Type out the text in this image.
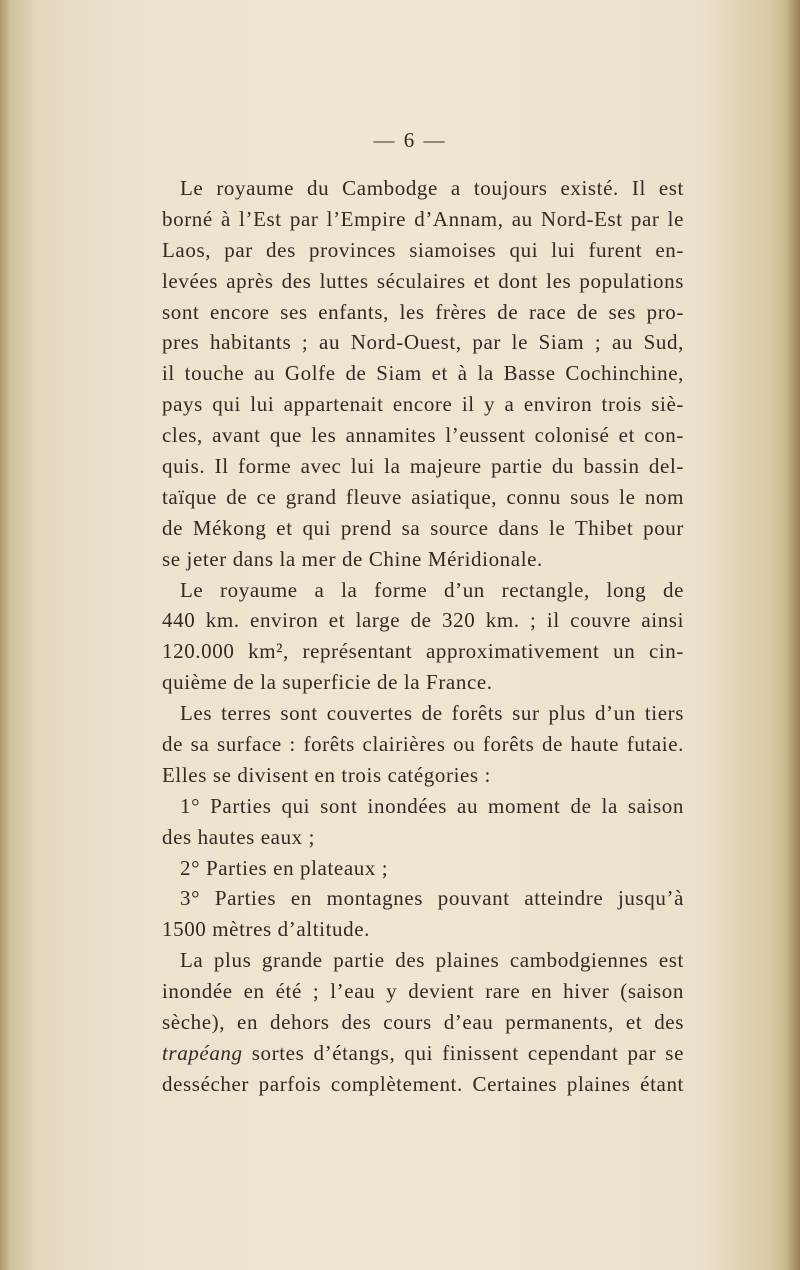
— 6 —
Le royaume du Cambodge a toujours existé. Il est
borné à l’Est par l’Empire d’Annam, au Nord-Est par le
Laos, par des provinces siamoises qui lui furent en-
levées après des luttes séculaires et dont les populations
sont encore ses enfants, les frères de race de ses pro-
pres habitants ; au Nord-Ouest, par le Siam ; au Sud,
il touche au Golfe de Siam et à la Basse Cochinchine,
pays qui lui appartenait encore il y a environ trois siè-
cles, avant que les annamites l’eussent colonisé et con-
quis. Il forme avec lui la majeure partie du bassin del-
taïque de ce grand fleuve asiatique, connu sous le nom
de Mékong et qui prend sa source dans le Thibet pour
se jeter dans la mer de Chine Méridionale.
Le royaume a la forme d’un rectangle, long de
440 km. environ et large de 320 km. ; il couvre ainsi
120.000 km², représentant approximativement un cin-
quième de la superficie de la France.
Les terres sont couvertes de forêts sur plus d’un tiers
de sa surface : forêts clairières ou forêts de haute futaie.
Elles se divisent en trois catégories :
1° Parties qui sont inondées au moment de la saison
des hautes eaux ;
2° Parties en plateaux ;
3° Parties en montagnes pouvant atteindre jusqu’à
1500 mètres d’altitude.
La plus grande partie des plaines cambodgiennes est
inondée en été ; l’eau y devient rare en hiver (saison
sèche), en dehors des cours d’eau permanents, et des
trapéang sortes d’étangs, qui finissent cependant par se
dessécher parfois complètement. Certaines plaines étant
